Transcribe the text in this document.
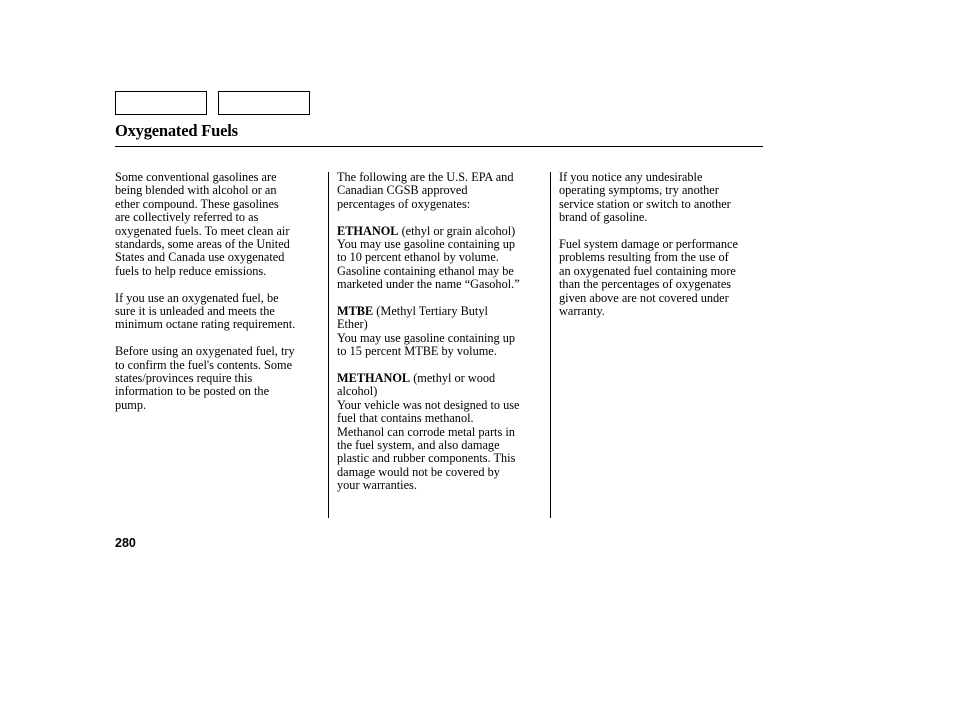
Oxygenated Fuels

Some conventional gasolines are
being blended with alcohol or an
ether compound. These gasolines
are collectively referred to as
oxygenated fuels. To meet clean air
standards, some areas of the United
States and Canada use oxygenated
fuels to help reduce emissions.

If you use an oxygenated fuel, be
sure it is unleaded and meets the
minimum octane rating requirement.

Before using an oxygenated fuel, try
to confirm the fuel's contents. Some
states/provinces require this
information to be posted on the
pump.

The following are the U.S. EPA and
Canadian CGSB approved
percentages of oxygenates:

ETHANOL (ethyl or grain alcohol)
You may use gasoline containing up
to 10 percent ethanol by volume.
Gasoline containing ethanol may be
marketed under the name “Gasohol.”

MTBE (Methyl Tertiary Butyl
Ether)
You may use gasoline containing up
to 15 percent MTBE by volume.

METHANOL (methyl or wood
alcohol)
Your vehicle was not designed to use
fuel that contains methanol.
Methanol can corrode metal parts in
the fuel system, and also damage
plastic and rubber components. This
damage would not be covered by
your warranties.

If you notice any undesirable
operating symptoms, try another
service station or switch to another
brand of gasoline.

Fuel system damage or performance
problems resulting from the use of
an oxygenated fuel containing more
than the percentages of oxygenates
given above are not covered under
warranty.

280
